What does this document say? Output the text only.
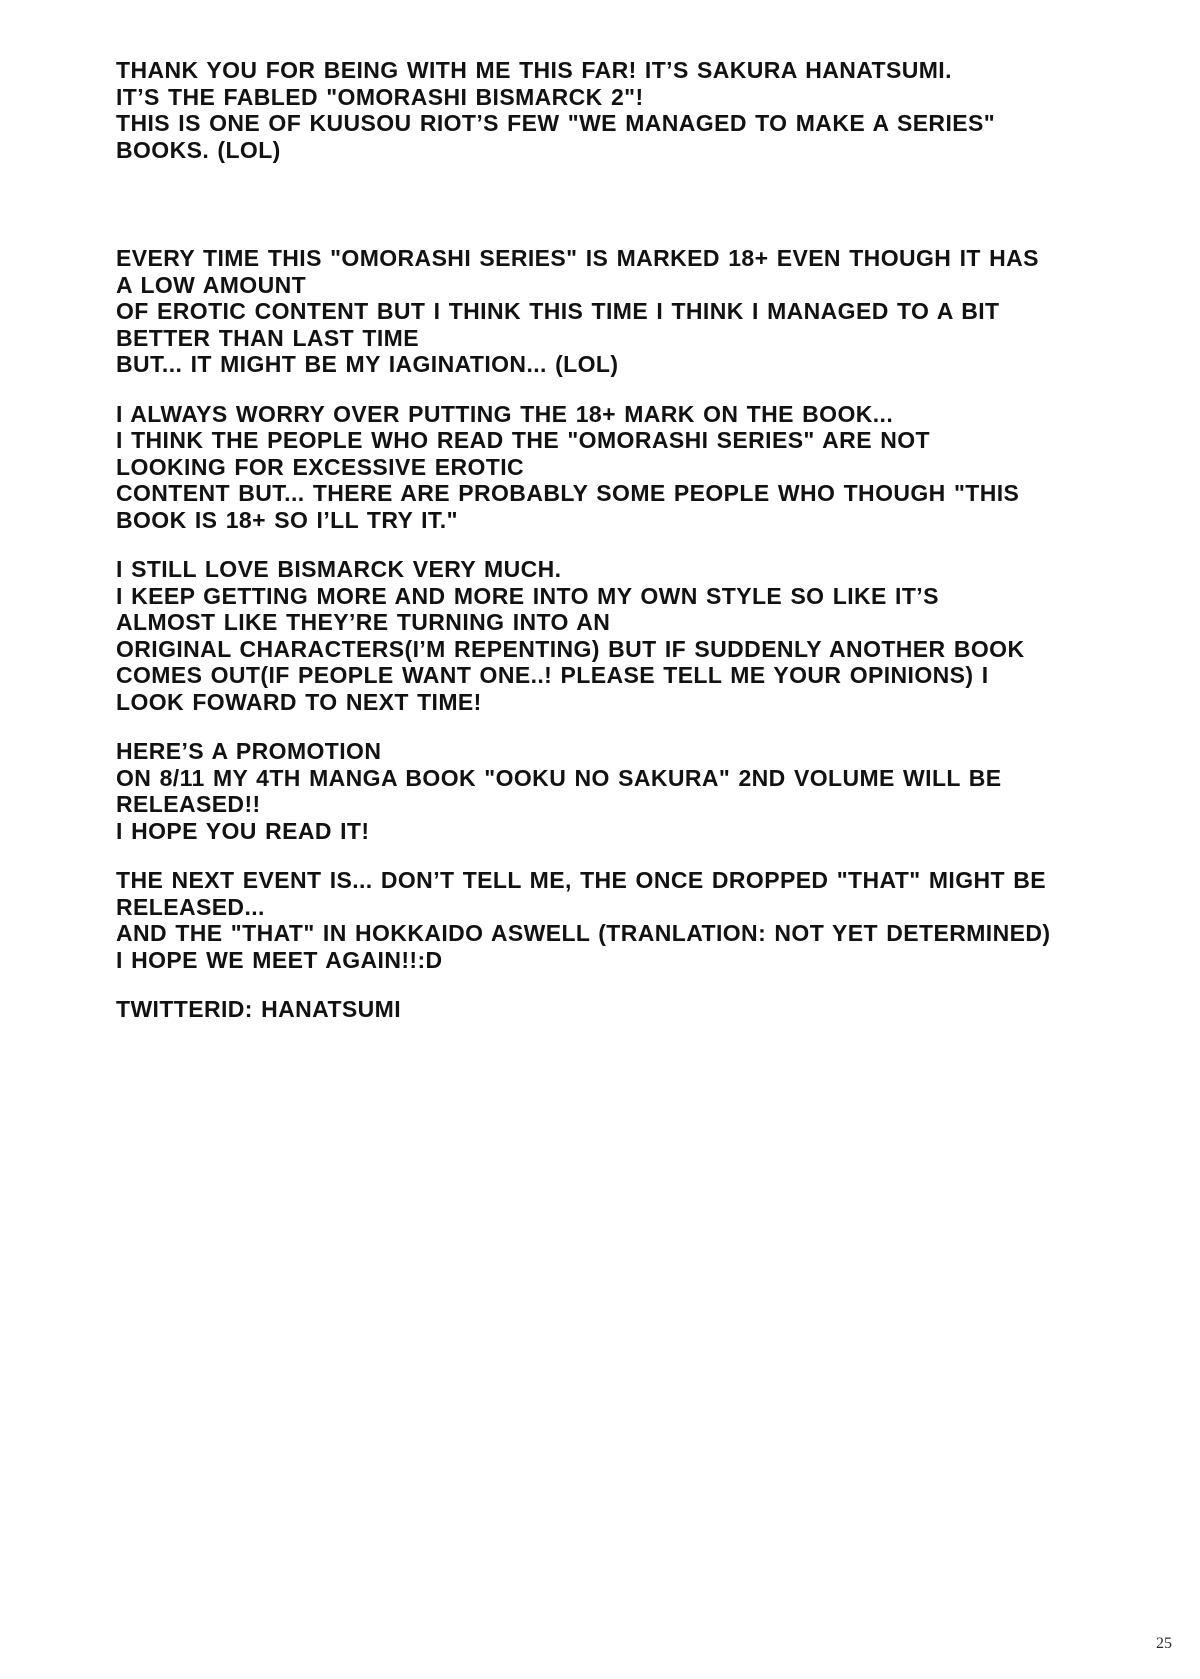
THANK YOU FOR BEING WITH ME THIS FAR! IT’S SAKURA HANATSUMI.
IT’S THE FABLED "OMORASHI BISMARCK 2"!
THIS IS ONE OF KUUSOU RIOT’S FEW "WE MANAGED TO MAKE A SERIES"
BOOKS. (LOL)
EVERY TIME THIS "OMORASHI SERIES" IS MARKED 18+ EVEN THOUGH IT HAS
A LOW AMOUNT
OF EROTIC CONTENT BUT I THINK THIS TIME I THINK I MANAGED TO A BIT
BETTER THAN LAST TIME
BUT... IT MIGHT BE MY IAGINATION... (LOL)
I ALWAYS WORRY OVER PUTTING THE 18+ MARK ON THE BOOK...
I THINK THE PEOPLE WHO READ THE "OMORASHI SERIES" ARE NOT
LOOKING FOR EXCESSIVE EROTIC
CONTENT BUT... THERE ARE PROBABLY SOME PEOPLE WHO THOUGH "THIS
BOOK IS 18+ SO I’LL TRY IT."
I STILL LOVE BISMARCK VERY MUCH.
I KEEP GETTING MORE AND MORE INTO MY OWN STYLE SO LIKE IT’S
ALMOST LIKE THEY’RE TURNING INTO AN
ORIGINAL CHARACTERS(I’M REPENTING) BUT IF SUDDENLY ANOTHER BOOK
COMES OUT(IF PEOPLE WANT ONE..! PLEASE TELL ME YOUR OPINIONS) I
LOOK FOWARD TO NEXT TIME!
HERE’S A PROMOTION
ON 8/11 MY 4TH MANGA BOOK "OOKU NO SAKURA" 2ND VOLUME WILL BE
RELEASED!!
I HOPE YOU READ IT!
THE NEXT EVENT IS... DON’T TELL ME, THE ONCE DROPPED "THAT" MIGHT BE
RELEASED...
AND THE "THAT" IN HOKKAIDO ASWELL (TRANLATION: NOT YET DETERMINED)
I HOPE WE MEET AGAIN!!:D
TWITTERID: HANATSUMI
25
